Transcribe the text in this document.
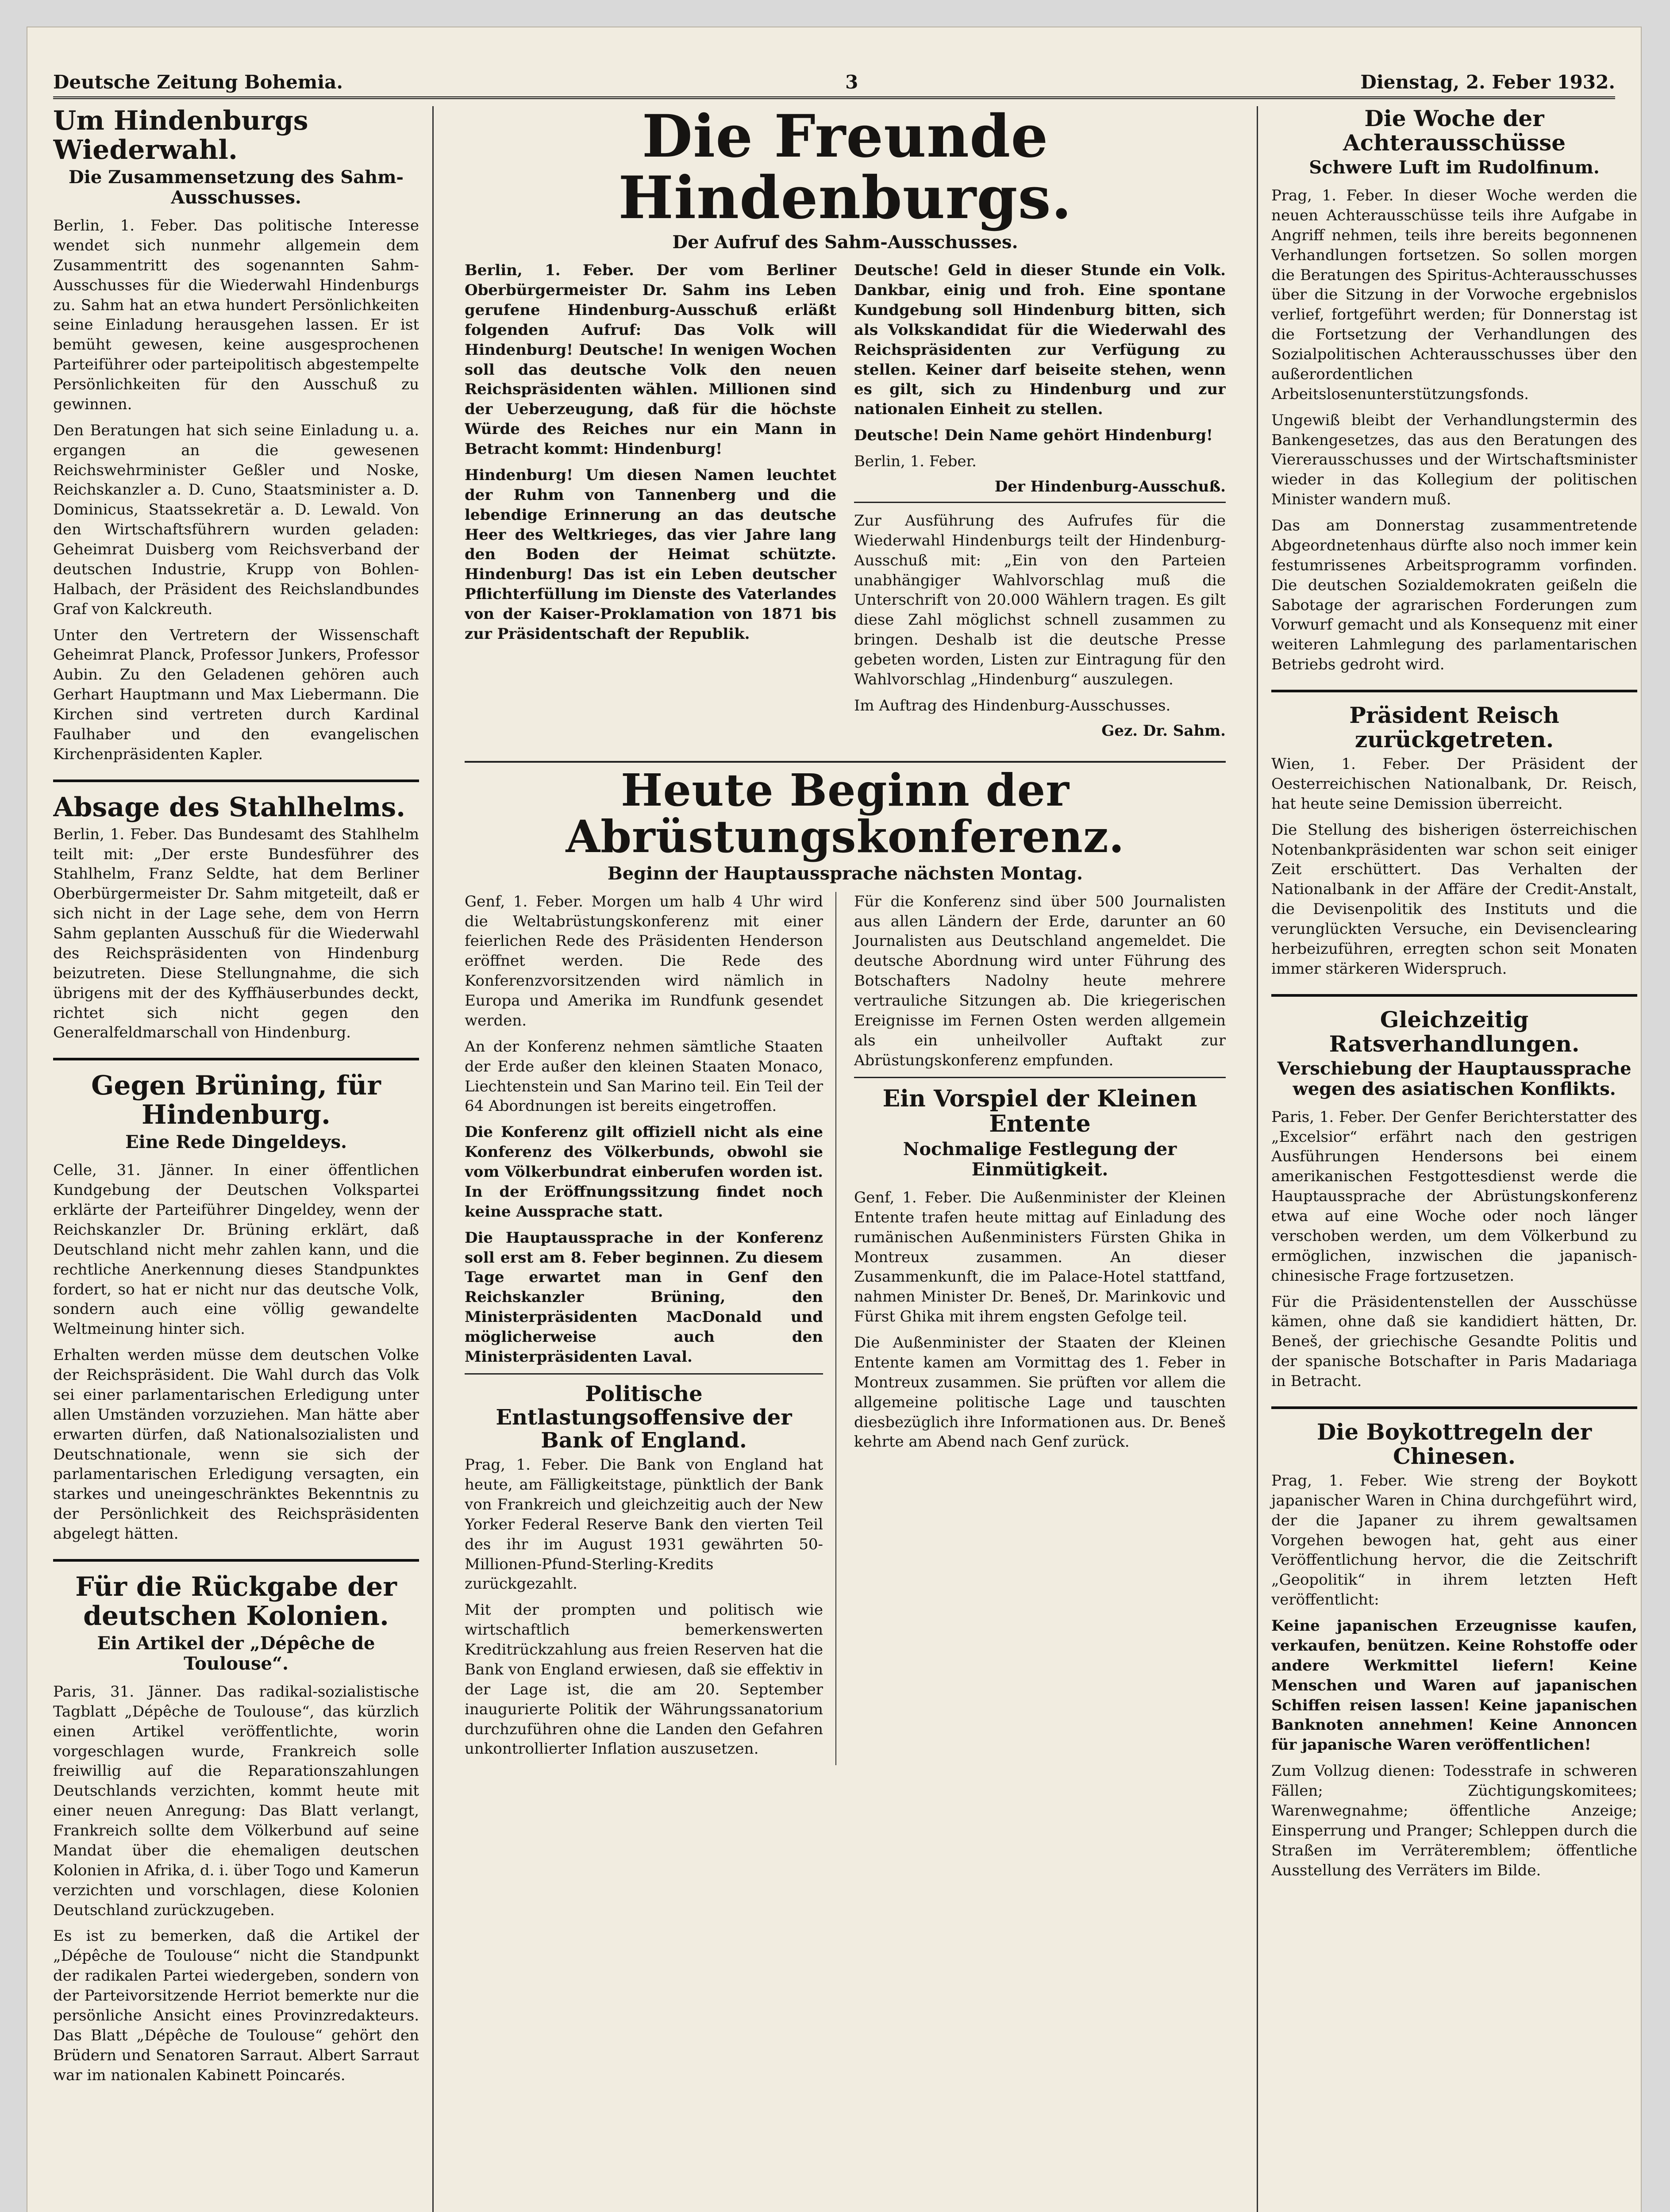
Deutsche Zeitung Bohemia.	3	Dienstag, 2. Feber 1932.
Um Hindenburgs Wiederwahl.
Die Zusammensetzung des Sahm-Ausschusses.

Berlin, 1. Feber. Das politische Interesse wendet sich nunmehr allgemein dem Zusammentritt des sogenannten Sahm-Ausschusses für die Wiederwahl Hindenburgs zu. Sahm hat an etwa hundert Persönlichkeiten seine Einladung herausgehen lassen. Er ist bemüht gewesen, keine ausgesprochenen Parteiführer oder parteipolitisch abgestempelte Persönlichkeiten für den Ausschuß zu gewinnen.

Den Beratungen hat sich seine Einladung u. a. ergangen an die gewesenen Reichswehrminister Geßler und Noske, Reichskanzler a. D. Cuno, Staatsminister a. D. Dominicus, Staatssekretär a. D. Lewald. Von den Wirtschaftsführern wurden geladen: Geheimrat Duisberg vom Reichsverband der deutschen Industrie, Krupp von Bohlen-Halbach, der Präsident des Reichslandbundes Graf von Kalckreuth.

Unter den Vertretern der Wissenschaft Geheimrat Planck, Professor Junkers, Professor Aubin. Zu den Geladenen gehören auch Gerhart Hauptmann und Max Liebermann. Die Kirchen sind vertreten durch Kardinal Faulhaber und den evangelischen Kirchenpräsidenten Kapler.

Absage des Stahlhelms.

Berlin, 1. Feber. Das Bundesamt des Stahlhelm teilt mit: „Der erste Bundesführer des Stahlhelm, Franz Seldte, hat dem Berliner Oberbürgermeister Dr. Sahm mitgeteilt, daß er sich nicht in der Lage sehe, dem von Herrn Sahm geplanten Ausschuß für die Wiederwahl des Reichspräsidenten von Hindenburg beizutreten. Diese Stellungnahme, die sich übrigens mit der des Kyffhäuserbundes deckt, richtet sich nicht gegen den Generalfeldmarschall von Hindenburg.

Gegen Brüning, für Hindenburg.
Eine Rede Dingeldeys.

Celle, 31. Jänner. In einer öffentlichen Kundgebung der Deutschen Volkspartei erklärte der Parteiführer Dingeldey, wenn der Reichskanzler Dr. Brüning erklärt, daß Deutschland nicht mehr zahlen kann, und die rechtliche Anerkennung dieses Standpunktes fordert, so hat er nicht nur das deutsche Volk, sondern auch eine völlig gewandelte Weltmeinung hinter sich.

Erhalten werden müsse dem deutschen Volke der Reichspräsident. Die Wahl durch das Volk sei einer parlamentarischen Erledigung unter allen Umständen vorzuziehen. Man hätte aber erwarten dürfen, daß Nationalsozialisten und Deutschnationale, wenn sie sich der parlamentarischen Erledigung versagten, ein starkes und uneingeschränktes Bekenntnis zu der Persönlichkeit des Reichspräsidenten abgelegt hätten.

Für die Rückgabe der deutschen Kolonien.
Ein Artikel der „Dépêche de Toulouse“.

Paris, 31. Jänner. Das radikal-sozialistische Tagblatt „Dépêche de Toulouse“, das kürzlich einen Artikel veröffentlichte, worin vorgeschlagen wurde, Frankreich solle freiwillig auf die Reparationszahlungen Deutschlands verzichten, kommt heute mit einer neuen Anregung: Das Blatt verlangt, Frankreich sollte dem Völkerbund auf seine Mandat über die ehemaligen deutschen Kolonien in Afrika, d. i. über Togo und Kamerun verzichten und vorschlagen, diese Kolonien Deutschland zurückzugeben.

Es ist zu bemerken, daß die Artikel der „Dépêche de Toulouse“ nicht die Standpunkt der radikalen Partei wiedergeben, sondern von der Parteivorsitzende Herriot bemerkte nur die persönliche Ansicht eines Provinzredakteurs. Das Blatt „Dépêche de Toulouse“ gehört den Brüdern und Senatoren Sarraut. Albert Sarraut war im nationalen Kabinett Poincarés.

Die Freunde Hindenburgs.
Der Aufruf des Sahm-Ausschusses.

Berlin, 1. Feber. Der vom Berliner Oberbürgermeister Dr. Sahm ins Leben gerufene Hindenburg-Ausschuß erläßt folgenden Aufruf: Das Volk will Hindenburg! Deutsche! In wenigen Wochen soll das deutsche Volk den neuen Reichspräsidenten wählen. Millionen sind der Ueberzeugung, daß für die höchste Würde des Reiches nur ein Mann in Betracht kommt: Hindenburg!

Hindenburg! Um diesen Namen leuchtet der Ruhm von Tannenberg und die lebendige Erinnerung an das deutsche Heer des Weltkrieges, das vier Jahre lang den Boden der Heimat schützte. Hindenburg! Das ist ein Leben deutscher Pflichterfüllung im Dienste des Vaterlandes von der Kaiser-Proklamation von 1871 bis zur Präsidentschaft der Republik.

Deutsche! Geld in dieser Stunde ein Volk. Dankbar, einig und froh. Eine spontane Kundgebung soll Hindenburg bitten, sich als Volkskandidat für die Wiederwahl des Reichspräsidenten zur Verfügung zu stellen. Keiner darf beiseite stehen, wenn es gilt, sich zu Hindenburg und zur nationalen Einheit zu stellen.

Deutsche! Dein Name gehört Hindenburg!

Berlin, 1. Feber.

Der Hindenburg-Ausschuß.

Zur Ausführung des Aufrufes für die Wiederwahl Hindenburgs teilt der Hindenburg-Ausschuß mit: „Ein von den Parteien unabhängiger Wahlvorschlag muß die Unterschrift von 20.000 Wählern tragen. Es gilt diese Zahl möglichst schnell zusammen zu bringen. Deshalb ist die deutsche Presse gebeten worden, Listen zur Eintragung für den Wahlvorschlag „Hindenburg“ auszulegen.

Im Auftrag des Hindenburg-Ausschusses.

Gez. Dr. Sahm.
Heute Beginn der Abrüstungskonferenz.
Beginn der Hauptaussprache nächsten Montag.

Genf, 1. Feber. Morgen um halb 4 Uhr wird die Weltabrüstungskonferenz mit einer feierlichen Rede des Präsidenten Henderson eröffnet werden. Die Rede des Konferenzvorsitzenden wird nämlich in Europa und Amerika im Rundfunk gesendet werden.

An der Konferenz nehmen sämtliche Staaten der Erde außer den kleinen Staaten Monaco, Liechtenstein und San Marino teil. Ein Teil der 64 Abordnungen ist bereits eingetroffen.

Die Konferenz gilt offiziell nicht als eine Konferenz des Völkerbunds, obwohl sie vom Völkerbundrat einberufen worden ist. In der Eröffnungssitzung findet noch keine Aussprache statt.

Die Hauptaussprache in der Konferenz soll erst am 8. Feber beginnen. Zu diesem Tage erwartet man in Genf den Reichskanzler Brüning, den Ministerpräsidenten MacDonald und möglicherweise auch den Ministerpräsidenten Laval.

Politische Entlastungsoffensive der Bank of England.

Prag, 1. Feber. Die Bank von England hat heute, am Fälligkeitstage, pünktlich der Bank von Frankreich und gleichzeitig auch der New Yorker Federal Reserve Bank den vierten Teil des ihr im August 1931 gewährten 50-Millionen-Pfund-Sterling-Kredits zurückgezahlt.

Mit der prompten und politisch wie wirtschaftlich bemerkenswerten Kreditrückzahlung aus freien Reserven hat die Bank von England erwiesen, daß sie effektiv in der Lage ist, die am 20. September inaugurierte Politik der Währungssanatorium durchzuführen ohne die Landen den Gefahren unkontrollierter Inflation auszusetzen.

Für die Konferenz sind über 500 Journalisten aus allen Ländern der Erde, darunter an 60 Journalisten aus Deutschland angemeldet. Die deutsche Abordnung wird unter Führung des Botschafters Nadolny heute mehrere vertrauliche Sitzungen ab. Die kriegerischen Ereignisse im Fernen Osten werden allgemein als ein unheilvoller Auftakt zur Abrüstungskonferenz empfunden.

Ein Vorspiel der Kleinen Entente
Nochmalige Festlegung der Einmütigkeit.

Genf, 1. Feber. Die Außenminister der Kleinen Entente trafen heute mittag auf Einladung des rumänischen Außenministers Fürsten Ghika in Montreux zusammen. An dieser Zusammenkunft, die im Palace-Hotel stattfand, nahmen Minister Dr. Beneš, Dr. Marinkovic und Fürst Ghika mit ihrem engsten Gefolge teil.

Die Außenminister der Staaten der Kleinen Entente kamen am Vormittag des 1. Feber in Montreux zusammen. Sie prüften vor allem die allgemeine politische Lage und tauschten diesbezüglich ihre Informationen aus. Dr. Beneš kehrte am Abend nach Genf zurück.

Die Woche der Achterausschüsse
Schwere Luft im Rudolfinum.

Prag, 1. Feber. In dieser Woche werden die neuen Achterausschüsse teils ihre Aufgabe in Angriff nehmen, teils ihre bereits begonnenen Verhandlungen fortsetzen. So sollen morgen die Beratungen des Spiritus-Achterausschusses über die Sitzung in der Vorwoche ergebnislos verlief, fortgeführt werden; für Donnerstag ist die Fortsetzung der Verhandlungen des Sozialpolitischen Achterausschusses über den außerordentlichen Arbeitslosenunterstützungsfonds.

Ungewiß bleibt der Verhandlungstermin des Bankengesetzes, das aus den Beratungen des Viererausschusses und der Wirtschaftsminister wieder in das Kollegium der politischen Minister wandern muß.

Das am Donnerstag zusammentretende Abgeordnetenhaus dürfte also noch immer kein festumrissenes Arbeitsprogramm vorfinden. Die deutschen Sozialdemokraten geißeln die Sabotage der agrarischen Forderungen zum Vorwurf gemacht und als Konsequenz mit einer weiteren Lahmlegung des parlamentarischen Betriebs gedroht wird.

Präsident Reisch zurückgetreten.

Wien, 1. Feber. Der Präsident der Oesterreichischen Nationalbank, Dr. Reisch, hat heute seine Demission überreicht.

Die Stellung des bisherigen österreichischen Notenbankpräsidenten war schon seit einiger Zeit erschüttert. Das Verhalten der Nationalbank in der Affäre der Credit-Anstalt, die Devisenpolitik des Instituts und die verunglückten Versuche, ein Devisenclearing herbeizuführen, erregten schon seit Monaten immer stärkeren Widerspruch.

Gleichzeitig Ratsverhandlungen.
Verschiebung der Hauptaussprache wegen des asiatischen Konflikts.

Paris, 1. Feber. Der Genfer Berichterstatter des „Excelsior“ erfährt nach den gestrigen Ausführungen Hendersons bei einem amerikanischen Festgottesdienst werde die Hauptaussprache der Abrüstungskonferenz etwa auf eine Woche oder noch länger verschoben werden, um dem Völkerbund zu ermöglichen, inzwischen die japanisch-chinesische Frage fortzusetzen.

Für die Präsidentenstellen der Ausschüsse kämen, ohne daß sie kandidiert hätten, Dr. Beneš, der griechische Gesandte Politis und der spanische Botschafter in Paris Madariaga in Betracht.

Die Boykottregeln der Chinesen.

Prag, 1. Feber. Wie streng der Boykott japanischer Waren in China durchgeführt wird, der die Japaner zu ihrem gewaltsamen Vorgehen bewogen hat, geht aus einer Veröffentlichung hervor, die die Zeitschrift „Geopolitik“ in ihrem letzten Heft veröffentlicht:

Keine japanischen Erzeugnisse kaufen, verkaufen, benützen. Keine Rohstoffe oder andere Werkmittel liefern! Keine Menschen und Waren auf japanischen Schiffen reisen lassen! Keine japanischen Banknoten annehmen! Keine Annoncen für japanische Waren veröffentlichen!

Zum Vollzug dienen: Todesstrafe in schweren Fällen; Züchtigungskomitees; Warenwegnahme; öffentliche Anzeige; Einsperrung und Pranger; Schleppen durch die Straßen im Verräteremblem; öffentliche Ausstellung des Verräters im Bilde.
